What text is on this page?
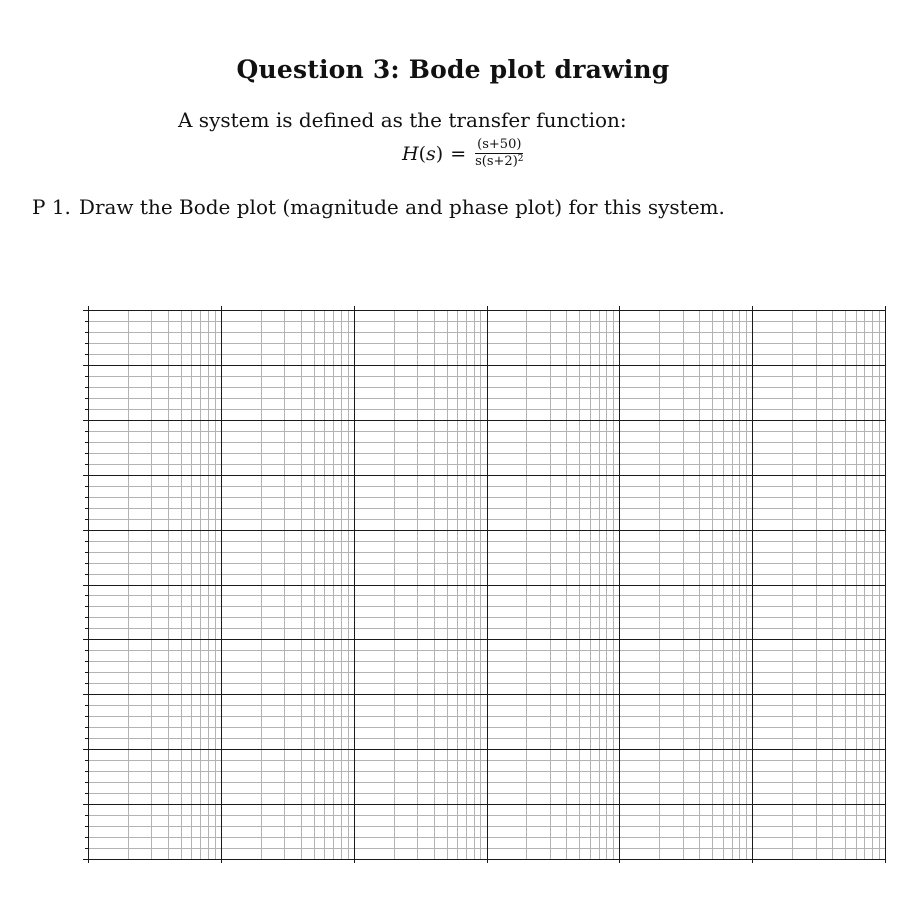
Question 3: Bode plot drawing
A system is defined as the transfer function:
$H(s) = \frac{(s+50)}{s(s+2)^2}$
P 1. Draw the Bode plot (magnitude and phase plot) for this system.
